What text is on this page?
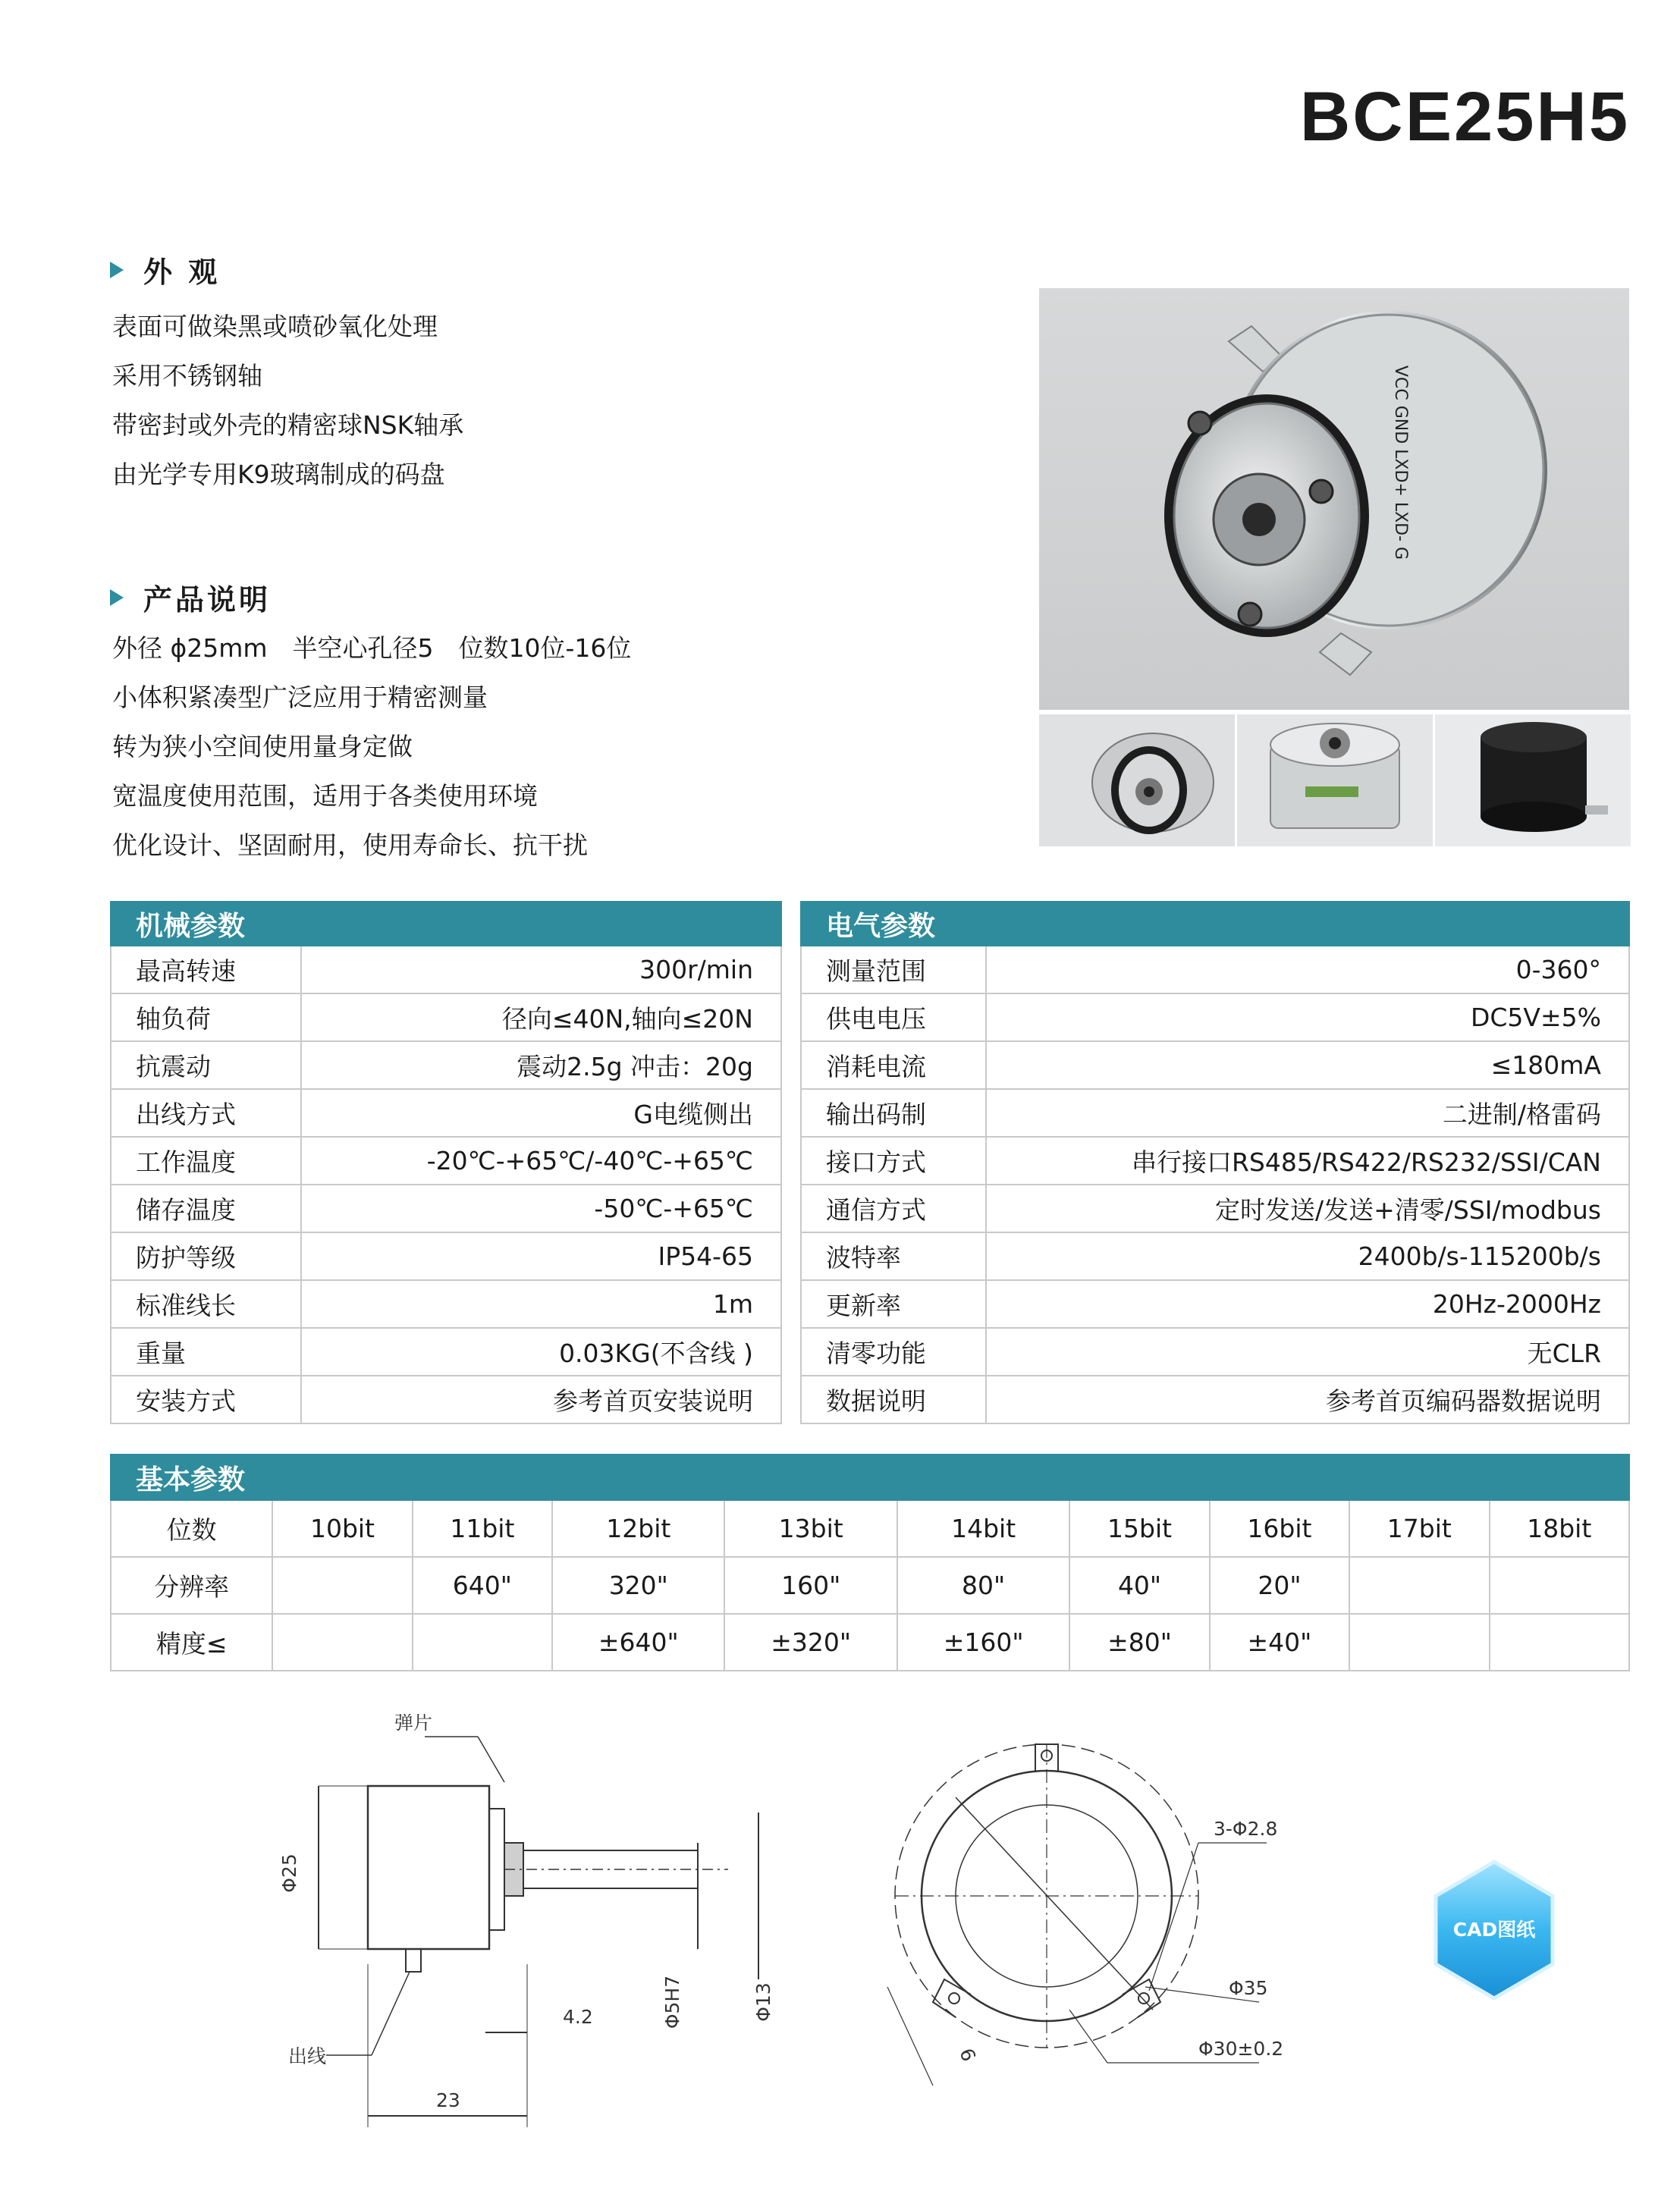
BCE25H5
外 观
表面可做染黑或喷砂氧化处理
采用不锈钢轴
带密封或外壳的精密球NSK轴承
由光学专用K9玻璃制成的码盘
产品说明
外径 ϕ25mm　半空心孔径5　位数10位-16位
小体积紧凑型广泛应用于精密测量
转为狭小空间使用量身定做
宽温度使用范围，适用于各类使用环境
优化设计、坚固耐用，使用寿命长、抗干扰
VCC GND LXD+ LXD- G
机械参数	
最高转速	300r/min
轴负荷	径向≤40N,轴向≤20N
抗震动	震动2.5g 冲击：20g
出线方式	G电缆侧出
工作温度	-20℃-+65℃/-40℃-+65℃
储存温度	-50℃-+65℃
防护等级	IP54-65
标准线长	1m
重量	0.03KG(不含线 )
安装方式	参考首页安装说明
电气参数	
测量范围	0-360°
供电电压	DC5V±5%
消耗电流	≤180mA
输出码制	二进制/格雷码
接口方式	串行接口RS485/RS422/RS232/SSI/CAN
通信方式	定时发送/发送+清零/SSI/modbus
波特率	2400b/s-115200b/s
更新率	20Hz-2000Hz
清零功能	无CLR
数据说明	参考首页编码器数据说明
基本参数									
位数	10bit	11bit	12bit	13bit	14bit	15bit	16bit	17bit	18bit
分辨率		640"	320"	160"	80"	40"	20"		
精度≤			±640"	±320"	±160"	±80"	±40"		
弹片
出线
Φ25
4.2
23
Φ5H7	Φ13
3-Φ2.8
Φ35
Φ30±0.2
6
CAD图纸
